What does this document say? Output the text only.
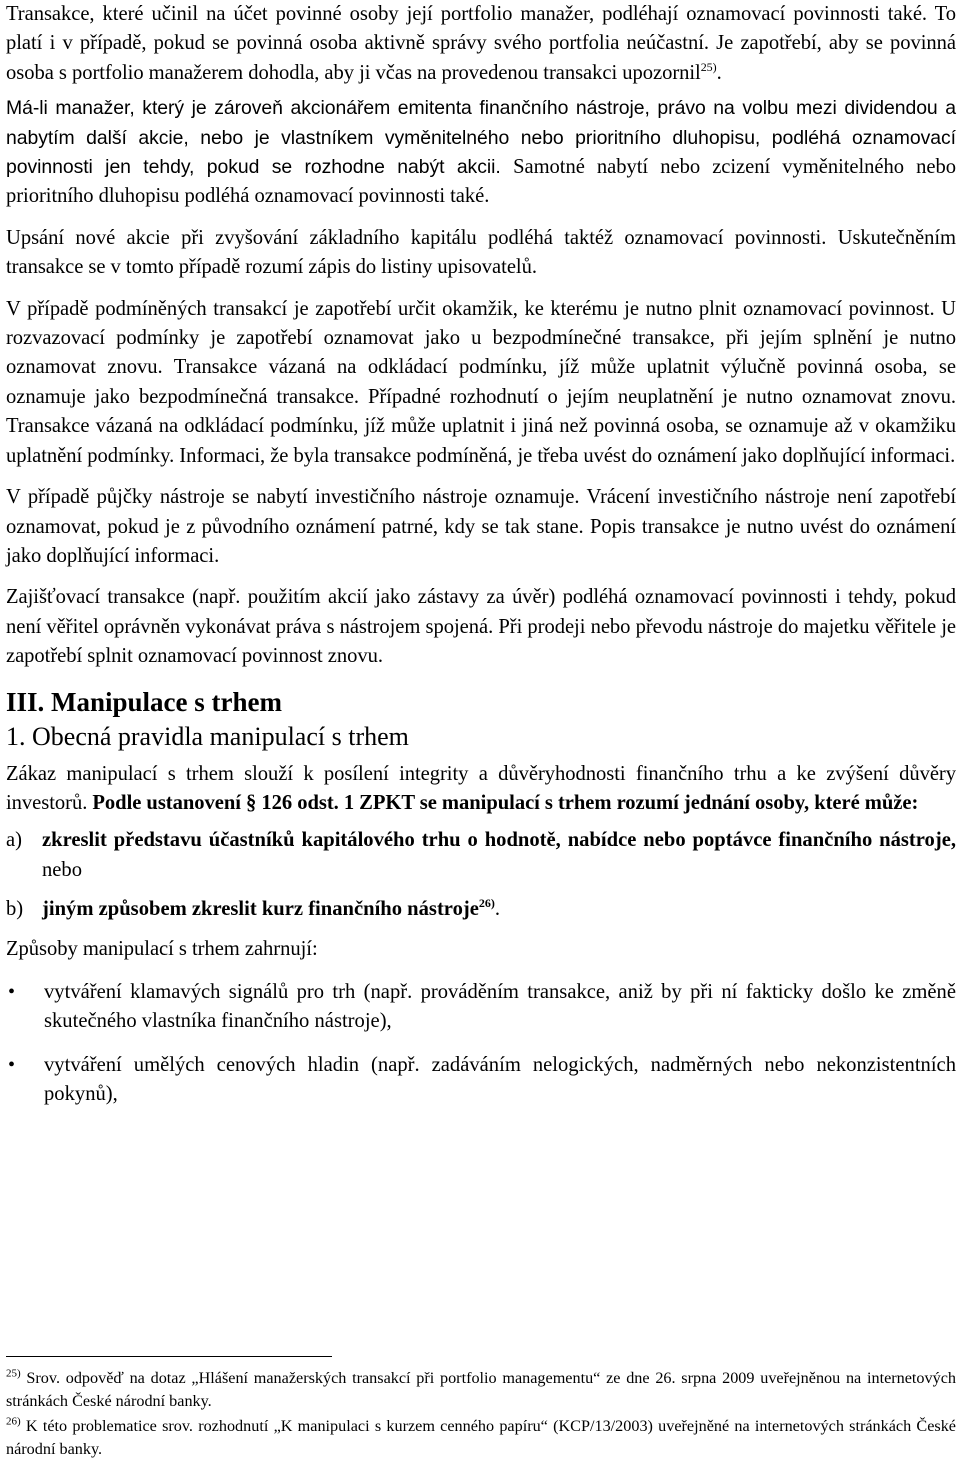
Transakce, které učinil na účet povinné osoby její portfolio manažer, podléhají oznamovací povinnosti také. To platí i v případě, pokud se povinná osoba aktivně správy svého portfolia neúčastní. Je zapotřebí, aby se povinná osoba s portfolio manažerem dohodla, aby ji včas na provedenou transakci upozornil$^{25)}$.

Má-li manažer, který je zároveň akcionářem emitenta finančního nástroje, právo na volbu mezi dividendou a nabytím další akcie, nebo je vlastníkem vyměnitelného nebo prioritního dluhopisu, podléhá oznamovací povinnosti jen tehdy, pokud se rozhodne nabýt akcii. Samotné nabytí nebo zcizení vyměnitelného nebo prioritního dluhopisu podléhá oznamovací povinnosti také.

Upsání nové akcie při zvyšování základního kapitálu podléhá taktéž oznamovací povinnosti. Uskutečněním transakce se v tomto případě rozumí zápis do listiny upisovatelů.

V případě podmíněných transakcí je zapotřebí určit okamžik, ke kterému je nutno plnit oznamovací povinnost. U rozvazovací podmínky je zapotřebí oznamovat jako u bezpodmínečné transakce, při jejím splnění je nutno oznamovat znovu. Transakce vázaná na odkládací podmínku, jíž může uplatnit výlučně povinná osoba, se oznamuje jako bezpodmínečná transakce. Případné rozhodnutí o jejím neuplatnění je nutno oznamovat znovu. Transakce vázaná na odkládací podmínku, jíž může uplatnit i jiná než povinná osoba, se oznamuje až v okamžiku uplatnění podmínky. Informaci, že byla transakce podmíněná, je třeba uvést do oznámení jako doplňující informaci.

V případě půjčky nástroje se nabytí investičního nástroje oznamuje. Vrácení investičního nástroje není zapotřebí oznamovat, pokud je z původního oznámení patrné, kdy se tak stane. Popis transakce je nutno uvést do oznámení jako doplňující informaci.

Zajišťovací transakce (např. použitím akcií jako zástavy za úvěr) podléhá oznamovací povinnosti i tehdy, pokud není věřitel oprávněn vykonávat práva s nástrojem spojená. Při prodeji nebo převodu nástroje do majetku věřitele je zapotřebí splnit oznamovací povinnost znovu.

III. Manipulace s trhem
1. Obecná pravidla manipulací s trhem

Zákaz manipulací s trhem slouží k posílení integrity a důvěryhodnosti finančního trhu a ke zvýšení důvěry investorů. Podle ustanovení § 126 odst. 1 ZPKT se manipulací s trhem rozumí jednání osoby, které může:

a) zkreslit představu účastníků kapitálového trhu o hodnotě, nabídce nebo poptávce finančního nástroje, nebo
b) jiným způsobem zkreslit kurz finančního nástroje$^{26)}$.

Způsoby manipulací s trhem zahrnují:

•	vytváření klamavých signálů pro trh (např. prováděním transakce, aniž by při ní fakticky došlo ke změně skutečného vlastníka finančního nástroje),
•	vytváření umělých cenových hladin (např. zadáváním nelogických, nadměrných nebo nekonzistentních pokynů),
$^{25)}$ Srov. odpověď na dotaz „Hlášení manažerských transakcí při portfolio managementu“ ze dne 26. srpna 2009 uveřejněnou na internetových stránkách České národní banky.
$^{26)}$ K této problematice srov. rozhodnutí „K manipulaci s kurzem cenného papíru“ (KCP/13/2003) uveřejněné na internetových stránkách České národní banky.
